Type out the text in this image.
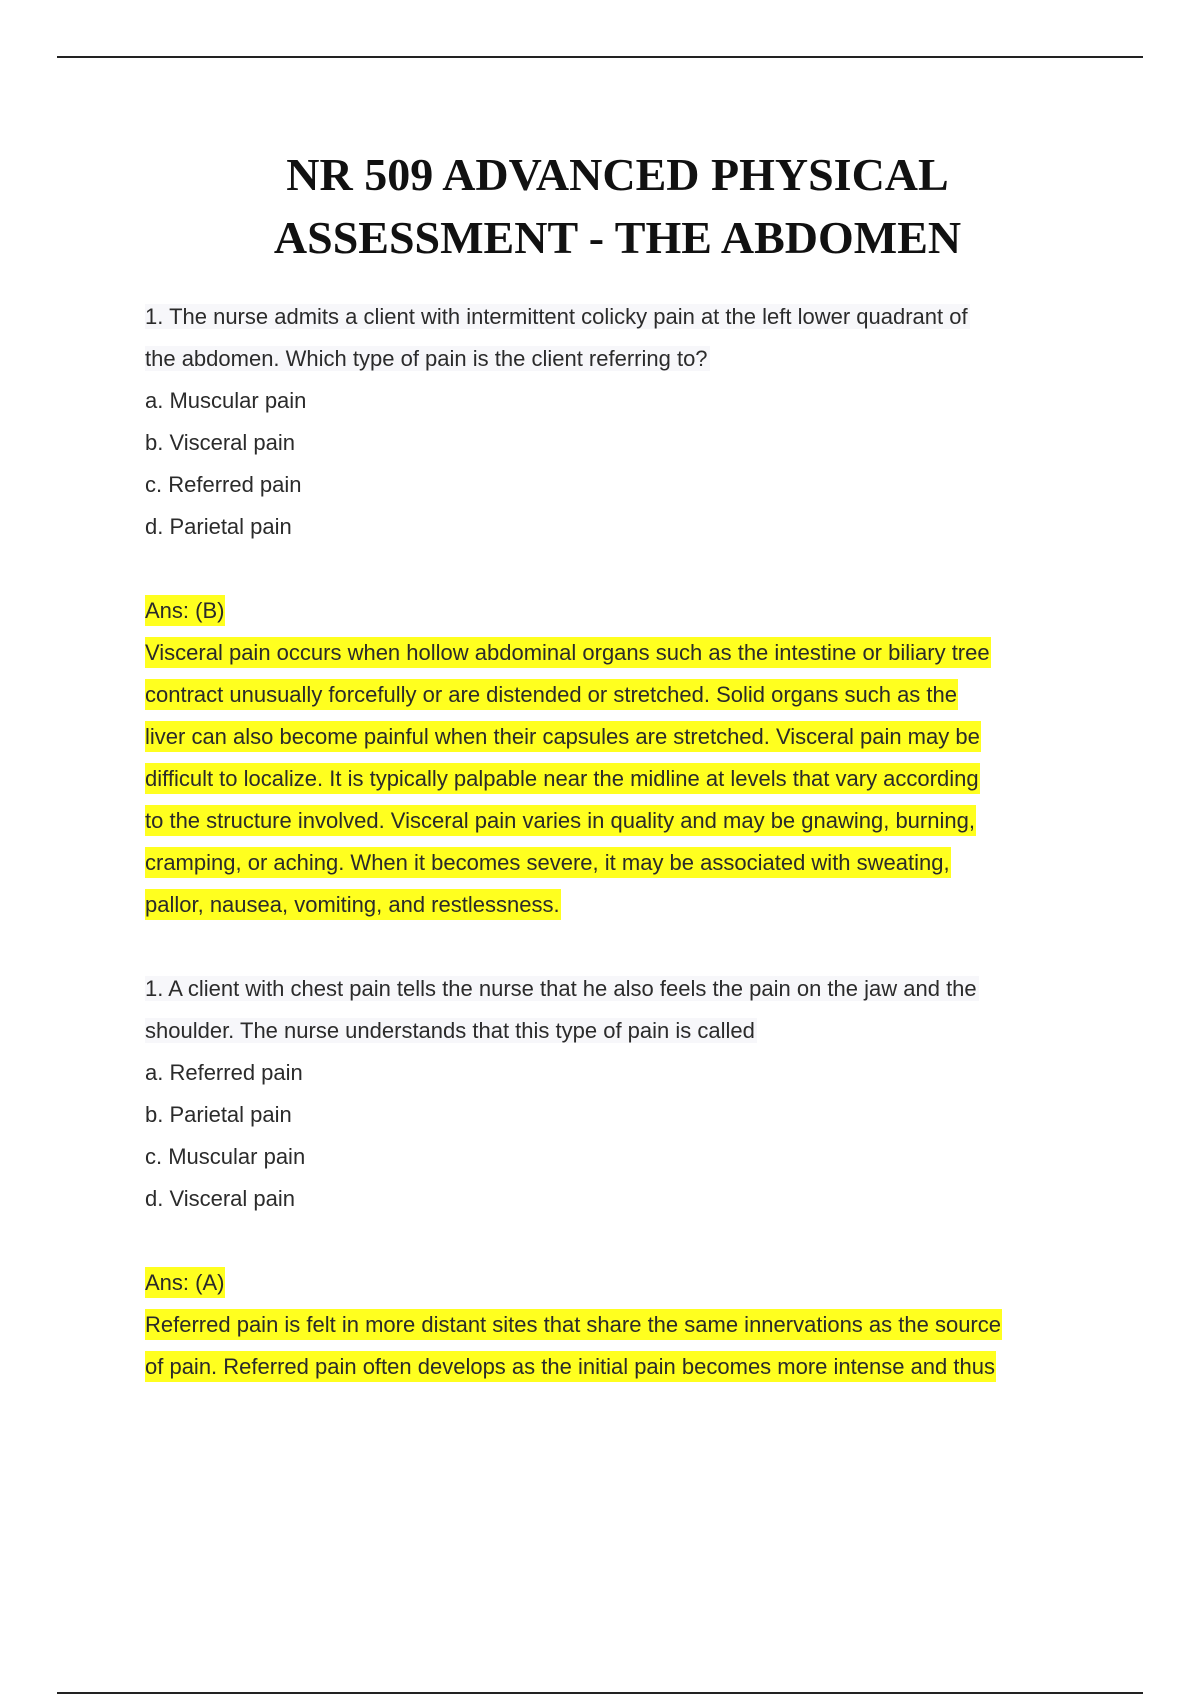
NR 509 ADVANCED PHYSICAL
ASSESSMENT - THE ABDOMEN
1. The nurse admits a client with intermittent colicky pain at the left lower quadrant of
the abdomen. Which type of pain is the client referring to?
a. Muscular pain
b. Visceral pain
c. Referred pain
d. Parietal pain
Ans: (B)
Visceral pain occurs when hollow abdominal organs such as the intestine or biliary tree
contract unusually forcefully or are distended or stretched. Solid organs such as the
liver can also become painful when their capsules are stretched. Visceral pain may be
difficult to localize. It is typically palpable near the midline at levels that vary according
to the structure involved. Visceral pain varies in quality and may be gnawing, burning,
cramping, or aching. When it becomes severe, it may be associated with sweating,
pallor, nausea, vomiting, and restlessness.
1. A client with chest pain tells the nurse that he also feels the pain on the jaw and the
shoulder. The nurse understands that this type of pain is called
a. Referred pain
b. Parietal pain
c. Muscular pain
d. Visceral pain
Ans: (A)
Referred pain is felt in more distant sites that share the same innervations as the source
of pain. Referred pain often develops as the initial pain becomes more intense and thus
